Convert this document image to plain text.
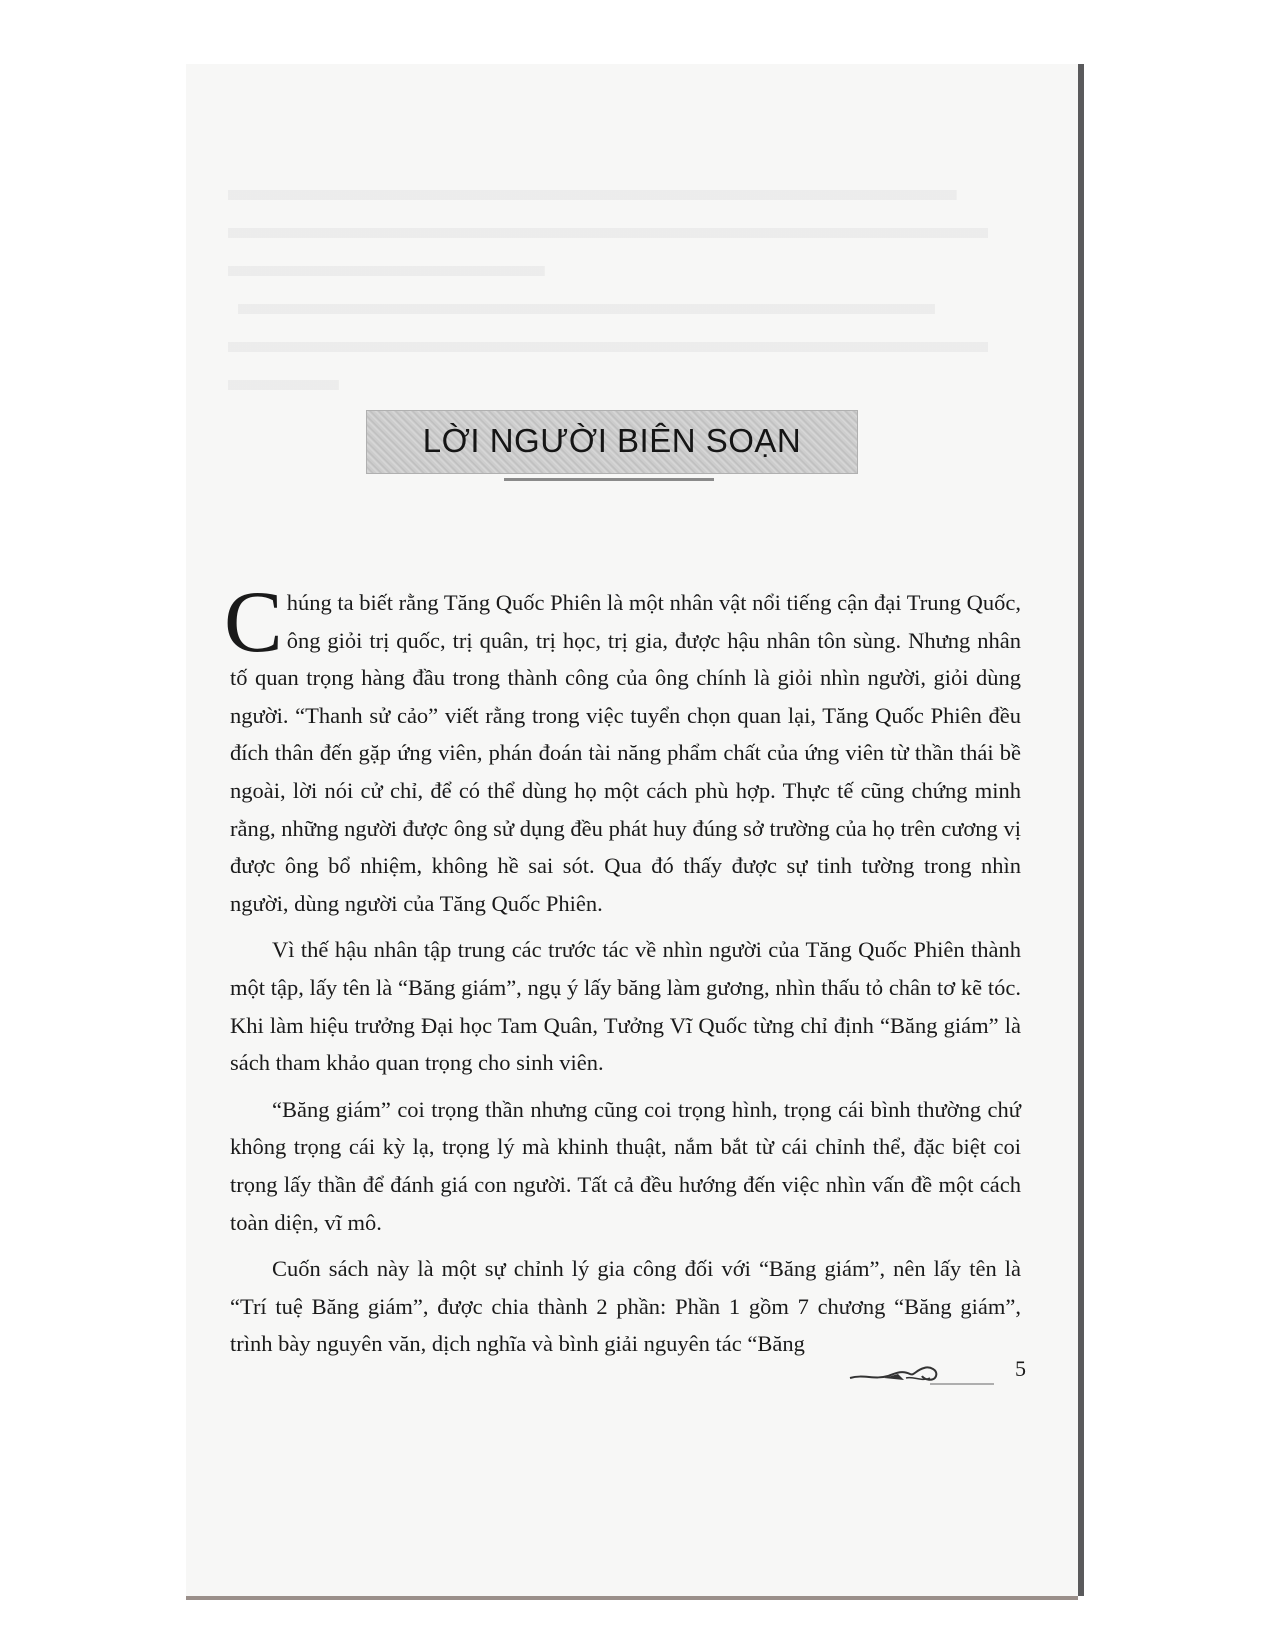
LỜI NGƯỜI BIÊN SOẠN

Chúng ta biết rằng Tăng Quốc Phiên là một nhân vật nổi tiếng cận đại Trung Quốc, ông giỏi trị quốc, trị quân, trị học, trị gia, được hậu nhân tôn sùng. Nhưng nhân tố quan trọng hàng đầu trong thành công của ông chính là giỏi nhìn người, giỏi dùng người. “Thanh sử cảo” viết rằng trong việc tuyển chọn quan lại, Tăng Quốc Phiên đều đích thân đến gặp ứng viên, phán đoán tài năng phẩm chất của ứng viên từ thần thái bề ngoài, lời nói cử chỉ, để có thể dùng họ một cách phù hợp. Thực tế cũng chứng minh rằng, những người được ông sử dụng đều phát huy đúng sở trường của họ trên cương vị được ông bổ nhiệm, không hề sai sót. Qua đó thấy được sự tinh tường trong nhìn người, dùng người của Tăng Quốc Phiên.

Vì thế hậu nhân tập trung các trước tác về nhìn người của Tăng Quốc Phiên thành một tập, lấy tên là “Băng giám”, ngụ ý lấy băng làm gương, nhìn thấu tỏ chân tơ kẽ tóc. Khi làm hiệu trưởng Đại học Tam Quân, Tưởng Vĩ Quốc từng chỉ định “Băng giám” là sách tham khảo quan trọng cho sinh viên.

“Băng giám” coi trọng thần nhưng cũng coi trọng hình, trọng cái bình thường chứ không trọng cái kỳ lạ, trọng lý mà khinh thuật, nắm bắt từ cái chỉnh thể, đặc biệt coi trọng lấy thần để đánh giá con người. Tất cả đều hướng đến việc nhìn vấn đề một cách toàn diện, vĩ mô.

Cuốn sách này là một sự chỉnh lý gia công đối với “Băng giám”, nên lấy tên là “Trí tuệ Băng giám”, được chia thành 2 phần: Phần 1 gồm 7 chương “Băng giám”, trình bày nguyên văn, dịch nghĩa và bình giải nguyên tác “Băng

5
